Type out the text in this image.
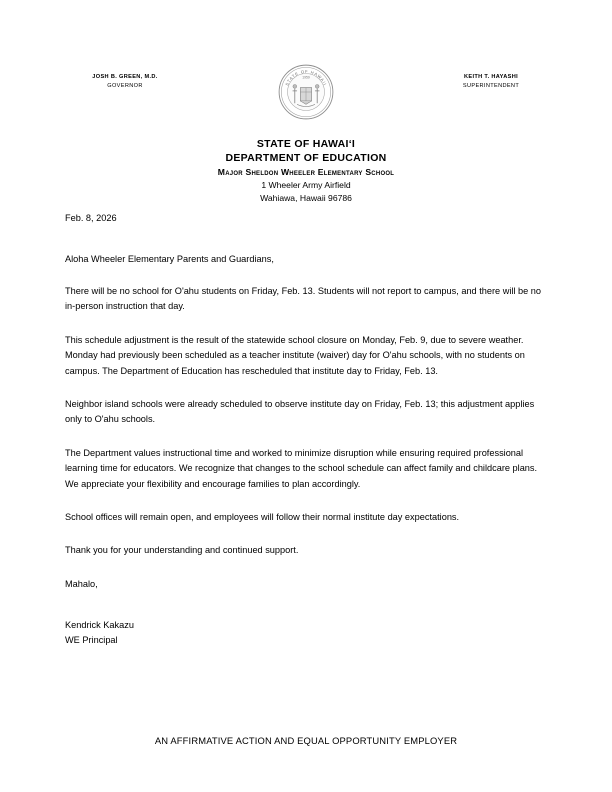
STATE OF HAWAII
1959
JOSH B. GREEN, M.D.
GOVERNOR
KEITH T. HAYASHI
SUPERINTENDENT
STATE OF HAWAIʻI
DEPARTMENT OF EDUCATION
Major Sheldon Wheeler Elementary School
1 Wheeler Army Airfield
Wahiawa, Hawaii 96786
Feb. 8, 2026
Aloha Wheeler Elementary Parents and Guardians,

There will be no school for O'ahu students on Friday, Feb. 13. Students will not report to campus, and there will be no in-person instruction that day.

This schedule adjustment is the result of the statewide school closure on Monday, Feb. 9, due to severe weather. Monday had previously been scheduled as a teacher institute (waiver) day for O'ahu schools, with no students on campus. The Department of Education has rescheduled that institute day to Friday, Feb. 13.

Neighbor island schools were already scheduled to observe institute day on Friday, Feb. 13; this adjustment applies only to O'ahu schools.

The Department values instructional time and worked to minimize disruption while ensuring required professional learning time for educators. We recognize that changes to the school schedule can affect family and childcare plans. We appreciate your flexibility and encourage families to plan accordingly.

School offices will remain open, and employees will follow their normal institute day expectations.

Thank you for your understanding and continued support.

Mahalo,
Kendrick Kakazu
WE Principal
AN AFFIRMATIVE ACTION AND EQUAL OPPORTUNITY EMPLOYER
